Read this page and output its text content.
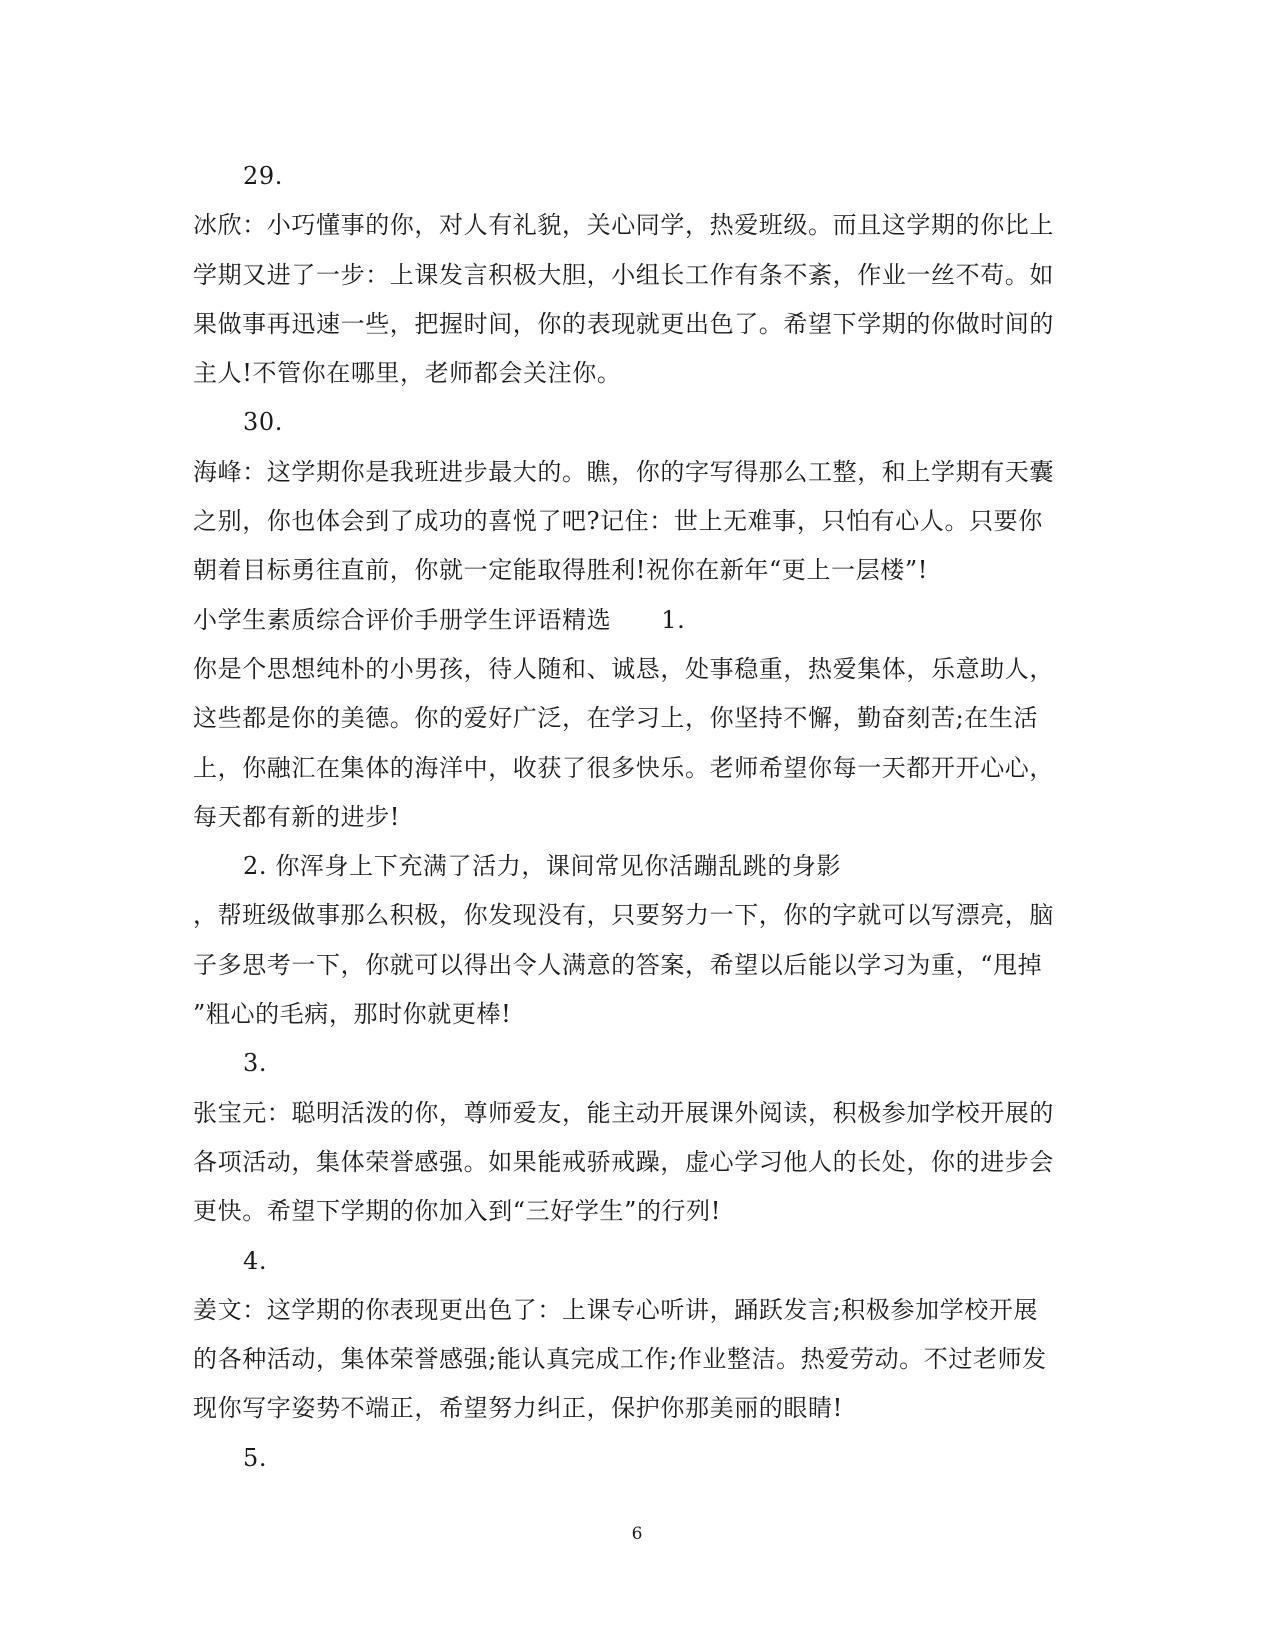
29.
冰欣：小巧懂事的你，对人有礼貌，关心同学，热爱班级。而且这学期的你比上
学期又进了一步：上课发言积极大胆，小组长工作有条不紊，作业一丝不苟。如
果做事再迅速一些，把握时间，你的表现就更出色了。希望下学期的你做时间的
主人!不管你在哪里，老师都会关注你。
30.
海峰：这学期你是我班进步最大的。瞧，你的字写得那么工整，和上学期有天囊
之别，你也体会到了成功的喜悦了吧?记住：世上无难事，只怕有心人。只要你
朝着目标勇往直前，你就一定能取得胜利!祝你在新年“更上一层楼”!
小学生素质综合评价手册学生评语精选 1.
你是个思想纯朴的小男孩，待人随和、诚恳，处事稳重，热爱集体，乐意助人，
这些都是你的美德。你的爱好广泛，在学习上，你坚持不懈，勤奋刻苦;在生活
上，你融汇在集体的海洋中，收获了很多快乐。老师希望你每一天都开开心心，
每天都有新的进步!
2. 你浑身上下充满了活力，课间常见你活蹦乱跳的身影
，帮班级做事那么积极，你发现没有，只要努力一下，你的字就可以写漂亮，脑
子多思考一下，你就可以得出令人满意的答案，希望以后能以学习为重，“甩掉
”粗心的毛病，那时你就更棒!
3.
张宝元：聪明活泼的你，尊师爱友，能主动开展课外阅读，积极参加学校开展的
各项活动，集体荣誉感强。如果能戒骄戒躁，虚心学习他人的长处，你的进步会
更快。希望下学期的你加入到“三好学生”的行列!
4.
姜文：这学期的你表现更出色了：上课专心听讲，踊跃发言;积极参加学校开展
的各种活动，集体荣誉感强;能认真完成工作;作业整洁。热爱劳动。不过老师发
现你写字姿势不端正，希望努力纠正，保护你那美丽的眼睛!
5.
6
